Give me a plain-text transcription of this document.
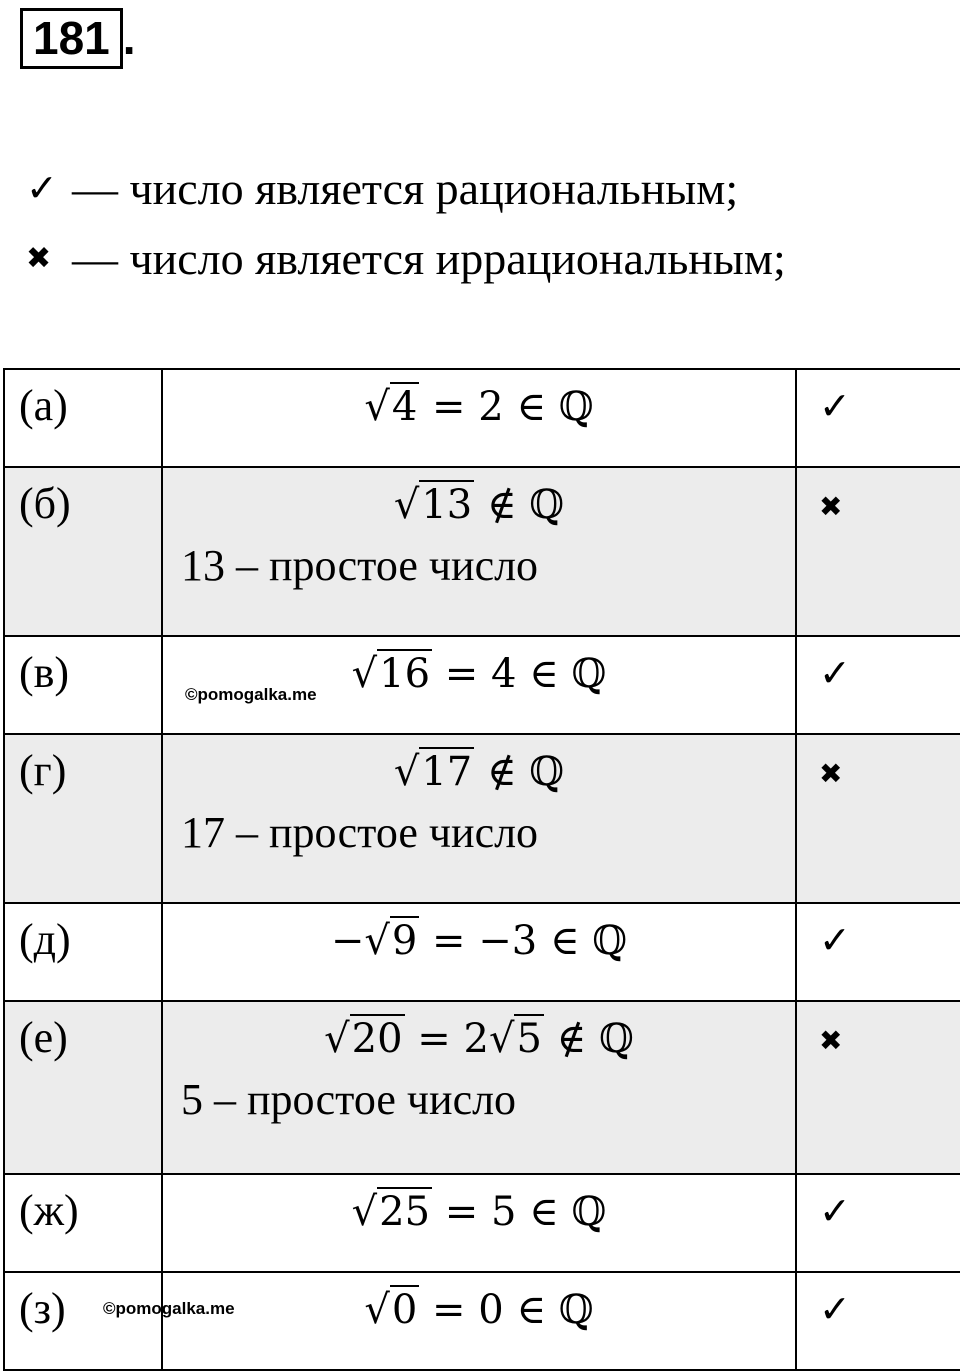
181 .
✓ — число является рациональным;
✖ — число является иррациональным;
(а)	√4 = 2 ∈ ℚ	✓
(б)	√13 ∉ ℚ
13 – простое число	✖
(в)	©pomogalka.me √16 = 4 ∈ ℚ	✓
(г)	√17 ∉ ℚ
17 – простое число	✖
(д)	−√9 = −3 ∈ ℚ	✓
(е)	√20 = 2√5 ∉ ℚ
5 – простое число	✖
(ж)	√25 = 5 ∈ ℚ	✓
(з) ©pomogalka.me	√0 = 0 ∈ ℚ	✓
